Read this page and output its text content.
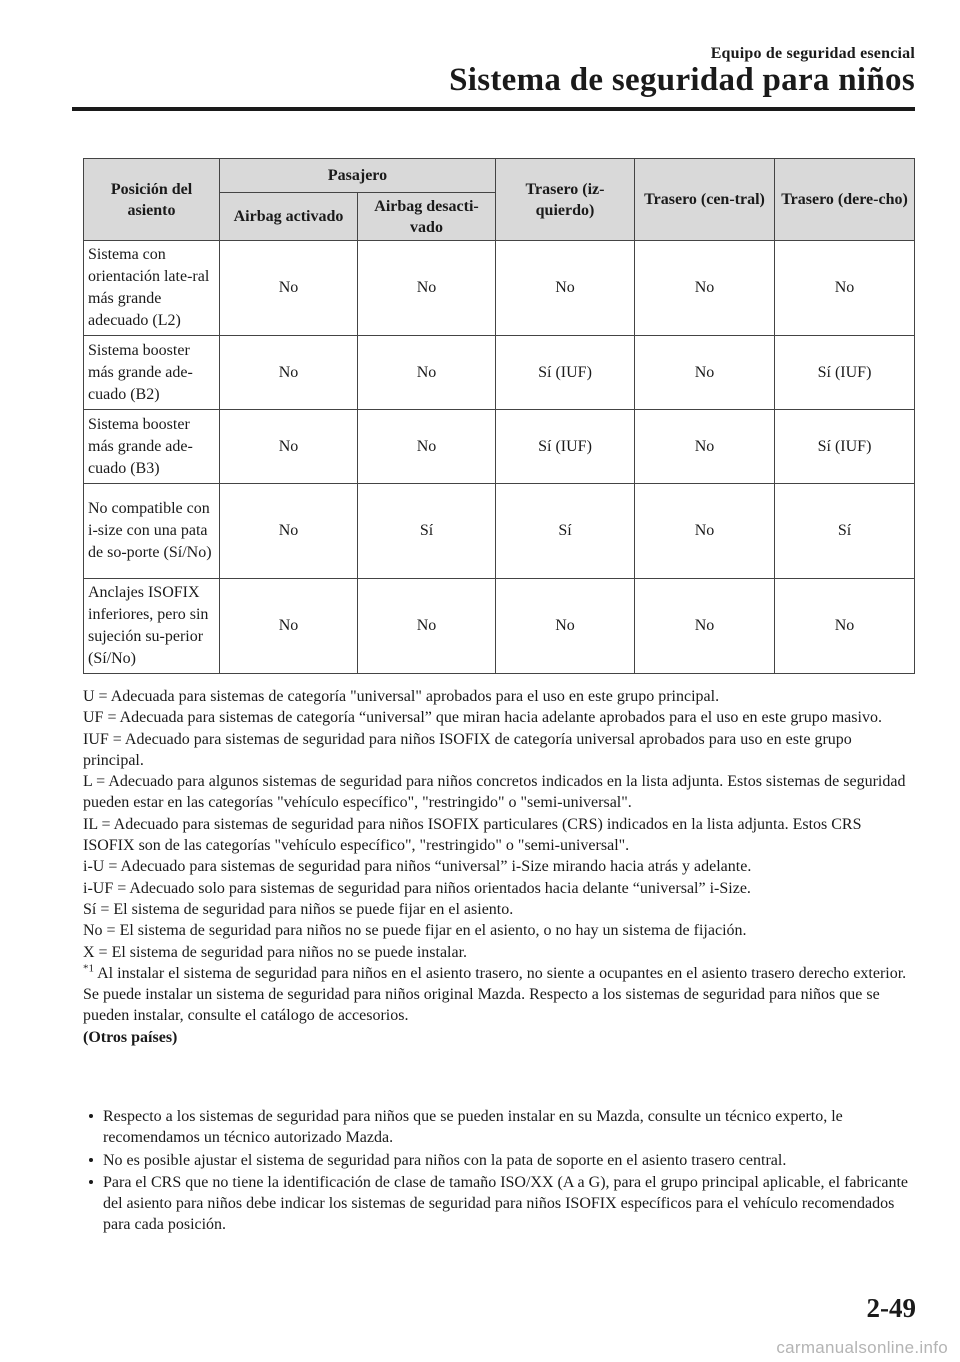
Equipo de seguridad esencial
Sistema de seguridad para niños
Posición del asiento	Pasajero		Trasero (iz-quierdo)	Trasero (cen-tral)	Trasero (dere-cho)
	Airbag activado	Airbag desacti-vado			
Sistema con orientación late-ral más grande adecuado (L2)	No	No	No	No	No
Sistema booster más grande ade-cuado (B2)	No	No	Sí (IUF)	No	Sí (IUF)
Sistema booster más grande ade-cuado (B3)	No	No	Sí (IUF)	No	Sí (IUF)
No compatible con i-size con una pata de so-porte (Sí/No)	No	Sí	Sí	No	Sí
Anclajes ISOFIX inferiores, pero sin sujeción su-perior (Sí/No)	No	No	No	No	No

U = Adecuada para sistemas de categoría "universal" aprobados para el uso en este grupo principal.

UF = Adecuada para sistemas de categoría “universal” que miran hacia adelante aprobados para el uso en este grupo masivo.

IUF = Adecuado para sistemas de seguridad para niños ISOFIX de categoría universal aprobados para uso en este grupo principal.

L = Adecuado para algunos sistemas de seguridad para niños concretos indicados en la lista adjunta. Estos sistemas de seguridad pueden estar en las categorías "vehículo específico", "restringido" o "semi-universal".

IL = Adecuado para sistemas de seguridad para niños ISOFIX particulares (CRS) indicados en la lista adjunta. Estos CRS ISOFIX son de las categorías "vehículo específico", "restringido" o "semi-universal".

i-U = Adecuado para sistemas de seguridad para niños “universal” i-Size mirando hacia atrás y adelante.

i-UF = Adecuado solo para sistemas de seguridad para niños orientados hacia delante “universal” i-Size.

Sí = El sistema de seguridad para niños se puede fijar en el asiento.

No = El sistema de seguridad para niños no se puede fijar en el asiento, o no hay un sistema de fijación.

X = El sistema de seguridad para niños no se puede instalar.

$^{*1}$ Al instalar el sistema de seguridad para niños en el asiento trasero, no siente a ocupantes en el asiento trasero derecho exterior.

Se puede instalar un sistema de seguridad para niños original Mazda. Respecto a los sistemas de seguridad para niños que se pueden instalar, consulte el catálogo de accesorios.

(Otros países)

Respecto a los sistemas de seguridad para niños que se pueden instalar en su Mazda, consulte un técnico experto, le recomendamos un técnico autorizado Mazda.
No es posible ajustar el sistema de seguridad para niños con la pata de soporte en el asiento trasero central.
Para el CRS que no tiene la identificación de clase de tamaño ISO/XX (A a G), para el grupo principal aplicable, el fabricante del asiento para niños debe indicar los sistemas de seguridad para niños ISOFIX específicos para el vehículo recomendados para cada posición.
2-49
carmanualsonline.info
